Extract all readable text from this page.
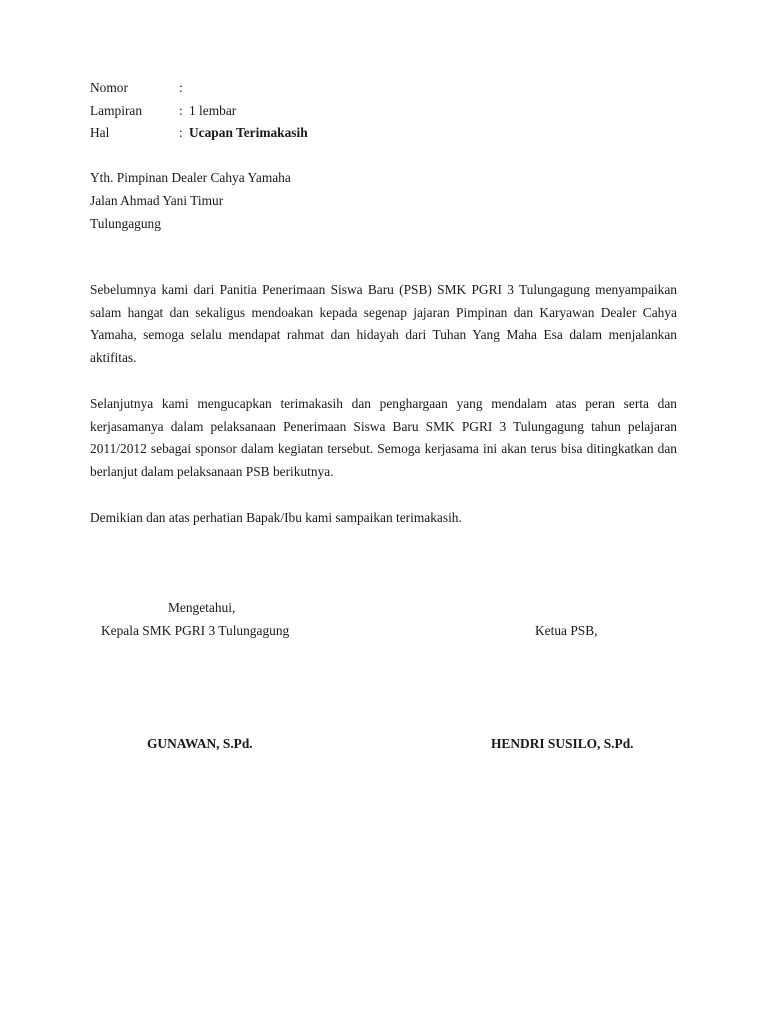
Nomor	:
Lampiran	: 1 lembar
Hal	: Ucapan Terimakasih
Yth. Pimpinan Dealer Cahya Yamaha
Jalan Ahmad Yani Timur
Tulungagung

Sebelumnya kami dari Panitia Penerimaan Siswa Baru (PSB) SMK PGRI 3 Tulungagung menyampaikan salam hangat dan sekaligus mendoakan kepada segenap jajaran Pimpinan dan Karyawan Dealer Cahya Yamaha, semoga selalu mendapat rahmat dan hidayah dari Tuhan Yang Maha Esa dalam menjalankan aktifitas.

Selanjutnya kami mengucapkan terimakasih dan penghargaan yang mendalam atas peran serta dan kerjasamanya dalam pelaksanaan Penerimaan Siswa Baru SMK PGRI 3 Tulungagung tahun pelajaran 2011/2012 sebagai sponsor dalam kegiatan tersebut. Semoga kerjasama ini akan terus bisa ditingkatkan dan berlanjut dalam pelaksanaan PSB berikutnya.

Demikian dan atas perhatian Bapak/Ibu kami sampaikan terimakasih.

Mengetahui,
Kepala SMK PGRI 3 Tulungagung	Ketua PSB,
GUNAWAN, S.Pd.	HENDRI SUSILO, S.Pd.
